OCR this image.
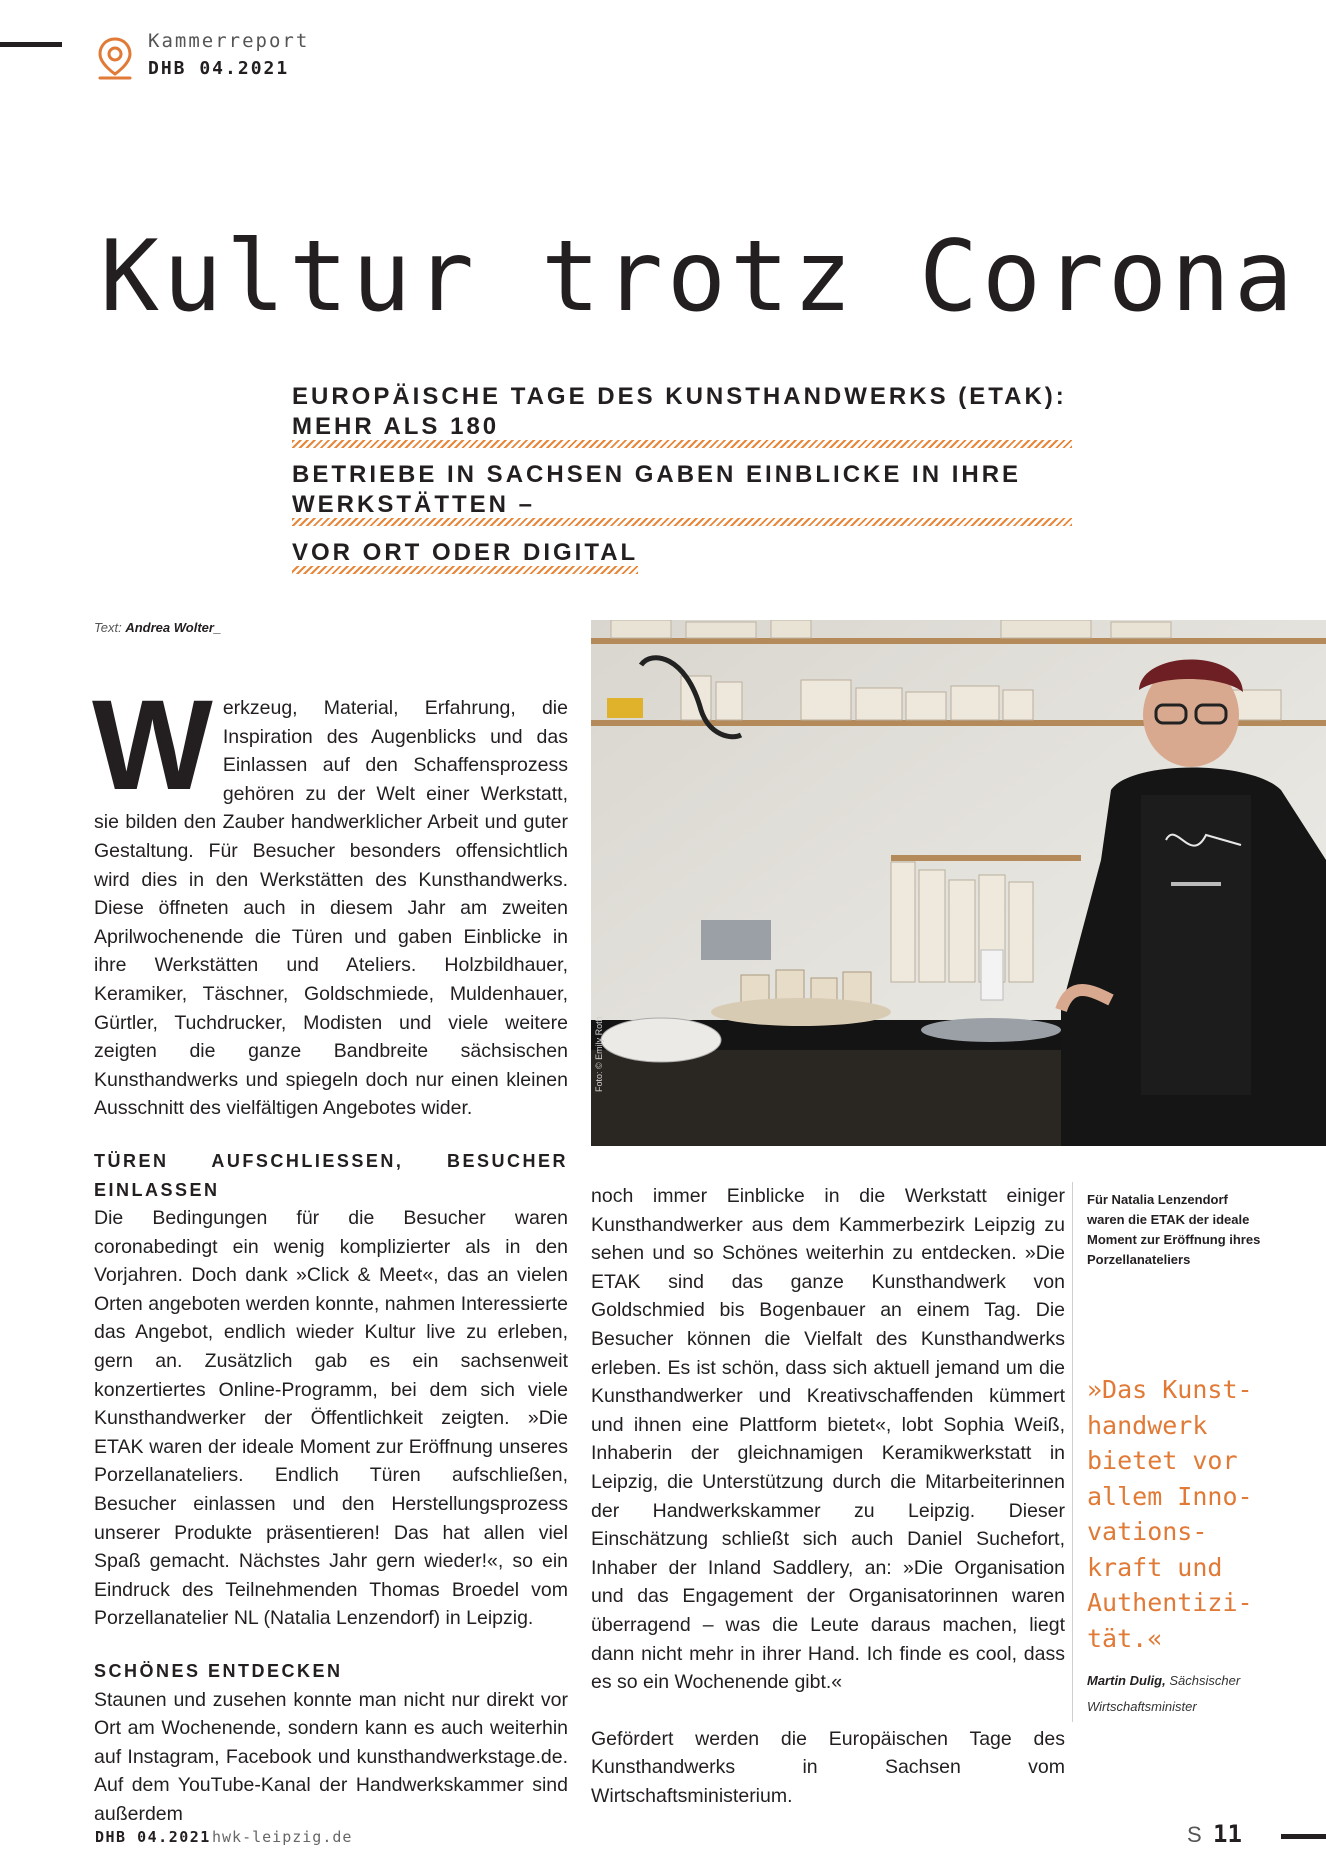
Kammerreport
DHB 04.2021
Kultur trotz Corona
EUROPÄISCHE TAGE DES KUNSTHANDWERKS (ETAK): MEHR ALS 180
BETRIEBE IN SACHSEN GABEN EINBLICKE IN IHRE WERKSTÄTTEN –
VOR ORT ODER DIGITAL
Text: Andrea Wolter_

Werkzeug, Material, Erfahrung, die Inspiration des Augenblicks und das Einlassen auf den Schaffensprozess gehören zu der Welt einer Werkstatt, sie bilden den Zauber handwerklicher Arbeit und guter Gestaltung. Für Besucher besonders offensichtlich wird dies in den Werkstätten des Kunsthandwerks. Diese öffneten auch in diesem Jahr am zweiten Aprilwochenende die Türen und gaben Einblicke in ihre Werkstätten und Ateliers. Holzbildhauer, Keramiker, Täschner, Goldschmiede, Muldenhauer, Gürtler, Tuchdrucker, Modisten und viele weitere zeigten die ganze Bandbreite sächsischen Kunsthandwerks und spiegeln doch nur einen kleinen Ausschnitt des vielfältigen Angebotes wider.

TÜREN AUFSCHLIESSEN, BESUCHER EINLASSEN

Die Bedingungen für die Besucher waren coronabedingt ein wenig komplizierter als in den Vorjahren. Doch dank »Click & Meet«, das an vielen Orten angeboten werden konnte, nahmen Interessierte das Angebot, endlich wieder Kultur live zu erleben, gern an. Zusätzlich gab es ein sachsenweit konzertiertes Online-Programm, bei dem sich viele Kunsthandwerker der Öffentlichkeit zeigten. »Die ETAK waren der ideale Moment zur Eröffnung unseres Porzellanateliers. Endlich Türen aufschließen, Besucher einlassen und den Herstellungsprozess unserer Produkte präsentieren! Das hat allen viel Spaß gemacht. Nächstes Jahr gern wieder!«, so ein Eindruck des Teilnehmenden Thomas Broedel vom Porzellanatelier NL (Natalia Lenzendorf) in Leipzig.

SCHÖNES ENTDECKEN

Staunen und zusehen konnte man nicht nur direkt vor Ort am Wochenende, sondern kann es auch weiterhin auf Instagram, Facebook und kunsthandwerkstage.de. Auf dem YouTube-Kanal der Handwerkskammer sind außerdem

Foto: © Emily Roth

noch immer Einblicke in die Werkstatt einiger Kunsthandwerker aus dem Kammerbezirk Leipzig zu sehen und so Schönes weiterhin zu entdecken. »Die ETAK sind das ganze Kunsthandwerk von Goldschmied bis Bogenbauer an einem Tag. Die Besucher können die Vielfalt des Kunsthandwerks erleben. Es ist schön, dass sich aktuell jemand um die Kunsthandwerker und Kreativschaffenden kümmert und ihnen eine Plattform bietet«, lobt Sophia Weiß, Inhaberin der gleichnamigen Keramikwerkstatt in Leipzig, die Unterstützung durch die Mitarbeiterinnen der Handwerkskammer zu Leipzig. Dieser Einschätzung schließt sich auch Daniel Suchefort, Inhaber der Inland Saddlery, an: »Die Organisation und das Engagement der Organisatorinnen waren überragend – was die Leute daraus machen, liegt dann nicht mehr in ihrer Hand. Ich finde es cool, dass es so ein Wochenende gibt.«

Gefördert werden die Europäischen Tage des Kunsthandwerks in Sachsen vom Wirtschaftsministerium.

Für Natalia Lenzendorf waren die ETAK der ideale Moment zur Eröffnung ihres Porzellanateliers
»Das Kunst-
handwerk
bietet vor
allem Inno-
vations-
kraft und
Authentizi-
tät.«
Martin Dulig, Sächsischer Wirtschaftsminister
DHB 04.2021 hwk-leipzig.de	S 11
